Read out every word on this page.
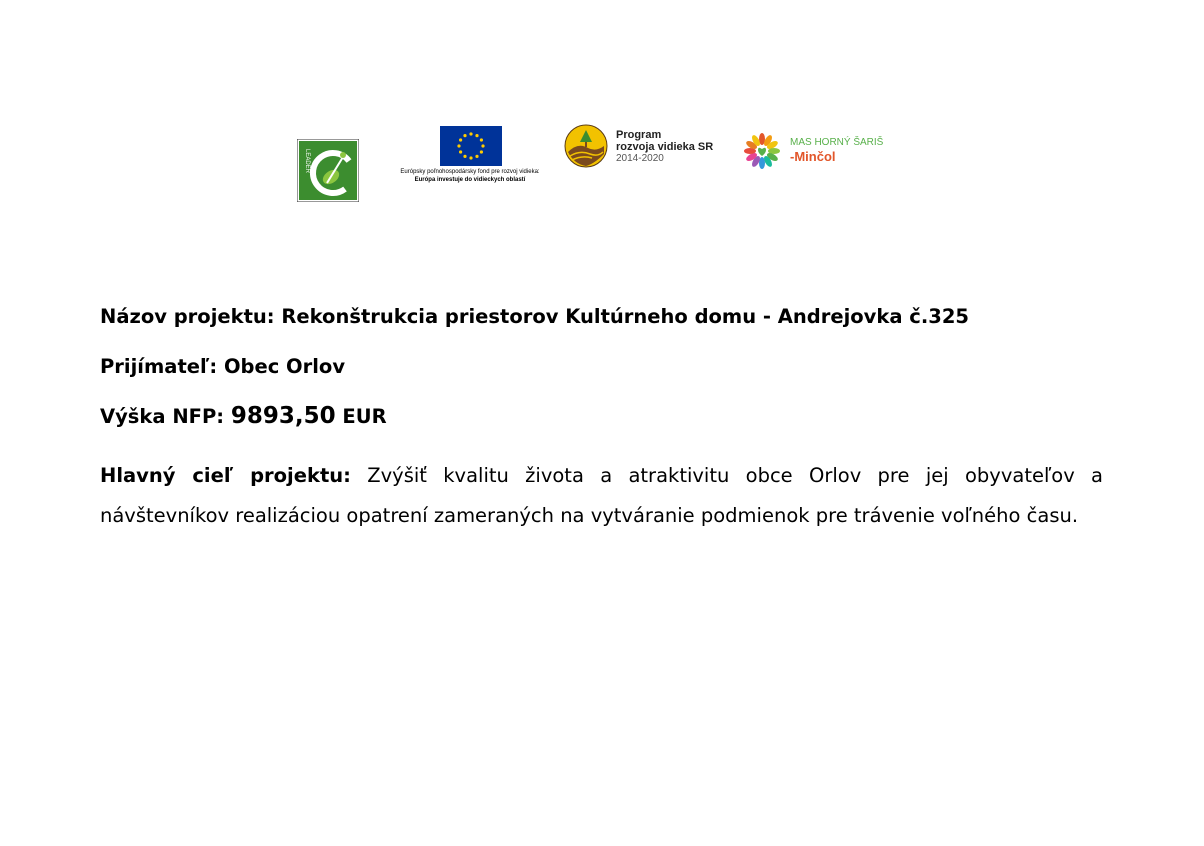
LEADER	Európsky poľnohospodársky fond pre rozvoj vidieka:
Európa investuje do vidieckych oblastí
Program
rozvoja vidieka SR
2014-2020
MAS HORNÝ ŠARIŠ
-Minčol
Názov projektu: Rekonštrukcia priestorov Kultúrneho domu - Andrejovka č.325
Prijímateľ: Obec Orlov
Výška NFP: 9893,50 EUR
Hlavný cieľ projektu: Zvýšiť kvalitu života a atraktivitu obce Orlov pre jej obyvateľov a návštevníkov realizáciou opatrení zameraných na vytváranie podmienok pre trávenie voľného času.
